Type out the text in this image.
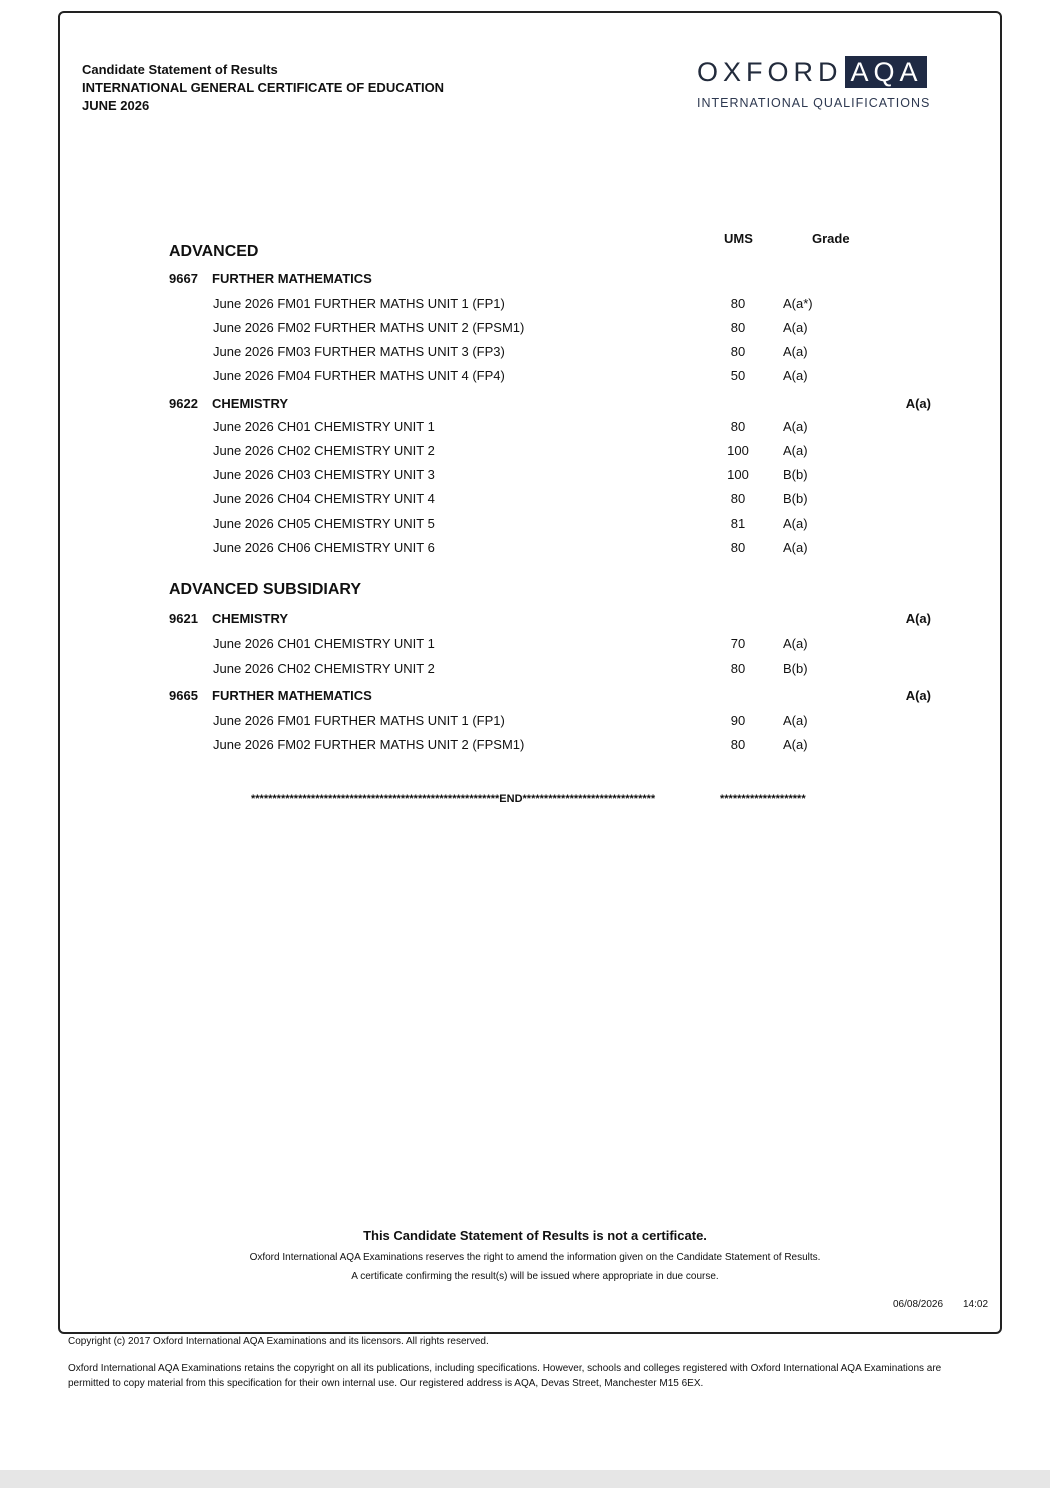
Candidate Statement of Results
INTERNATIONAL GENERAL CERTIFICATE OF EDUCATION
JUNE 2026
OXFORD AQA
INTERNATIONAL QUALIFICATIONS
UMS	Grade
ADVANCED
9667 FURTHER MATHEMATICS
June 2026 FM01 FURTHER MATHS UNIT 1 (FP1)	80	A(a*)
June 2026 FM02 FURTHER MATHS UNIT 2 (FPSM1)	80	A(a)
June 2026 FM03 FURTHER MATHS UNIT 3 (FP3)	80	A(a)
June 2026 FM04 FURTHER MATHS UNIT 4 (FP4)	50	A(a)
9622 CHEMISTRY	A(a)
June 2026 CH01 CHEMISTRY UNIT 1	80	A(a)
June 2026 CH02 CHEMISTRY UNIT 2	100	A(a)
June 2026 CH03 CHEMISTRY UNIT 3	100	B(b)
June 2026 CH04 CHEMISTRY UNIT 4	80	B(b)
June 2026 CH05 CHEMISTRY UNIT 5	81	A(a)
June 2026 CH06 CHEMISTRY UNIT 6	80	A(a)
ADVANCED SUBSIDIARY
9621 CHEMISTRY	A(a)
June 2026 CH01 CHEMISTRY UNIT 1	70	A(a)
June 2026 CH02 CHEMISTRY UNIT 2	80	B(b)
9665 FURTHER MATHEMATICS	A(a)
June 2026 FM01 FURTHER MATHS UNIT 1 (FP1)	90	A(a)
June 2026 FM02 FURTHER MATHS UNIT 2 (FPSM1)	80	A(a)
**********************************************************END*******************************	********************
This Candidate Statement of Results is not a certificate.
Oxford International AQA Examinations reserves the right to amend the information given on the Candidate Statement of Results.
A certificate confirming the result(s) will be issued where appropriate in due course.
06/08/2026 14:02
Copyright (c) 2017 Oxford International AQA Examinations and its licensors. All rights reserved.
Oxford International AQA Examinations retains the copyright on all its publications, including specifications. However, schools and colleges registered with Oxford International AQA Examinations are
permitted to copy material from this specification for their own internal use. Our registered address is AQA, Devas Street, Manchester M15 6EX.
